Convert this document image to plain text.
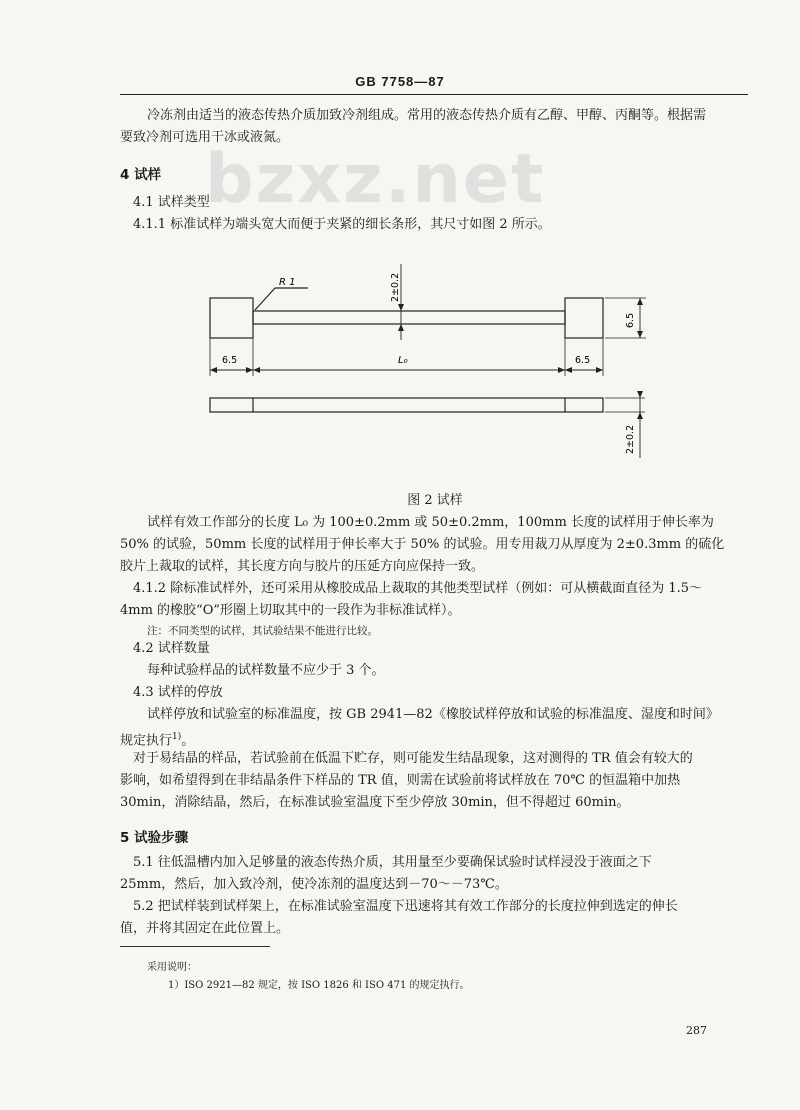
GB 7758—87
bzxz.net
冷冻剂由适当的液态传热介质加致冷剂组成。常用的液态传热介质有乙醇、甲醇、丙酮等。根据需
要致冷剂可选用干冰或液氮。
4 试样
4.1 试样类型
4.1.1 标准试样为端头宽大而便于夹紧的细长条形，其尺寸如图 2 所示。
R 1	2±0.2
6.5
6.5	L₀	6.5
2±0.2
图 2 试样
试样有效工作部分的长度 L₀ 为 100±0.2mm 或 50±0.2mm，100mm 长度的试样用于伸长率为
50% 的试验，50mm 长度的试样用于伸长率大于 50% 的试验。用专用裁刀从厚度为 2±0.3mm 的硫化
胶片上裁取的试样，其长度方向与胶片的压延方向应保持一致。
4.1.2 除标准试样外，还可采用从橡胶成品上裁取的其他类型试样（例如：可从横截面直径为 1.5～
4mm 的橡胶“O”形圈上切取其中的一段作为非标准试样）。
注：不同类型的试样，其试验结果不能进行比较。
4.2 试样数量
每种试验样品的试样数量不应少于 3 个。
4.3 试样的停放
试样停放和试验室的标准温度，按 GB 2941—82《橡胶试样停放和试验的标准温度、湿度和时间》
规定执行$^{1)}$。
对于易结晶的样品，若试验前在低温下贮存，则可能发生结晶现象，这对测得的 TR 值会有较大的
影响，如希望得到在非结晶条件下样品的 TR 值，则需在试验前将试样放在 70℃ 的恒温箱中加热
30min，消除结晶，然后，在标准试验室温度下至少停放 30min，但不得超过 60min。
5 试验步骤
5.1 往低温槽内加入足够量的液态传热介质，其用量至少要确保试验时试样浸没于液面之下
25mm，然后，加入致冷剂，使冷冻剂的温度达到－70～－73℃。
5.2 把试样装到试样架上，在标准试验室温度下迅速将其有效工作部分的长度拉伸到选定的伸长
值，并将其固定在此位置上。
采用说明：
1）ISO 2921—82 规定，按 ISO 1826 和 ISO 471 的规定执行。
287
